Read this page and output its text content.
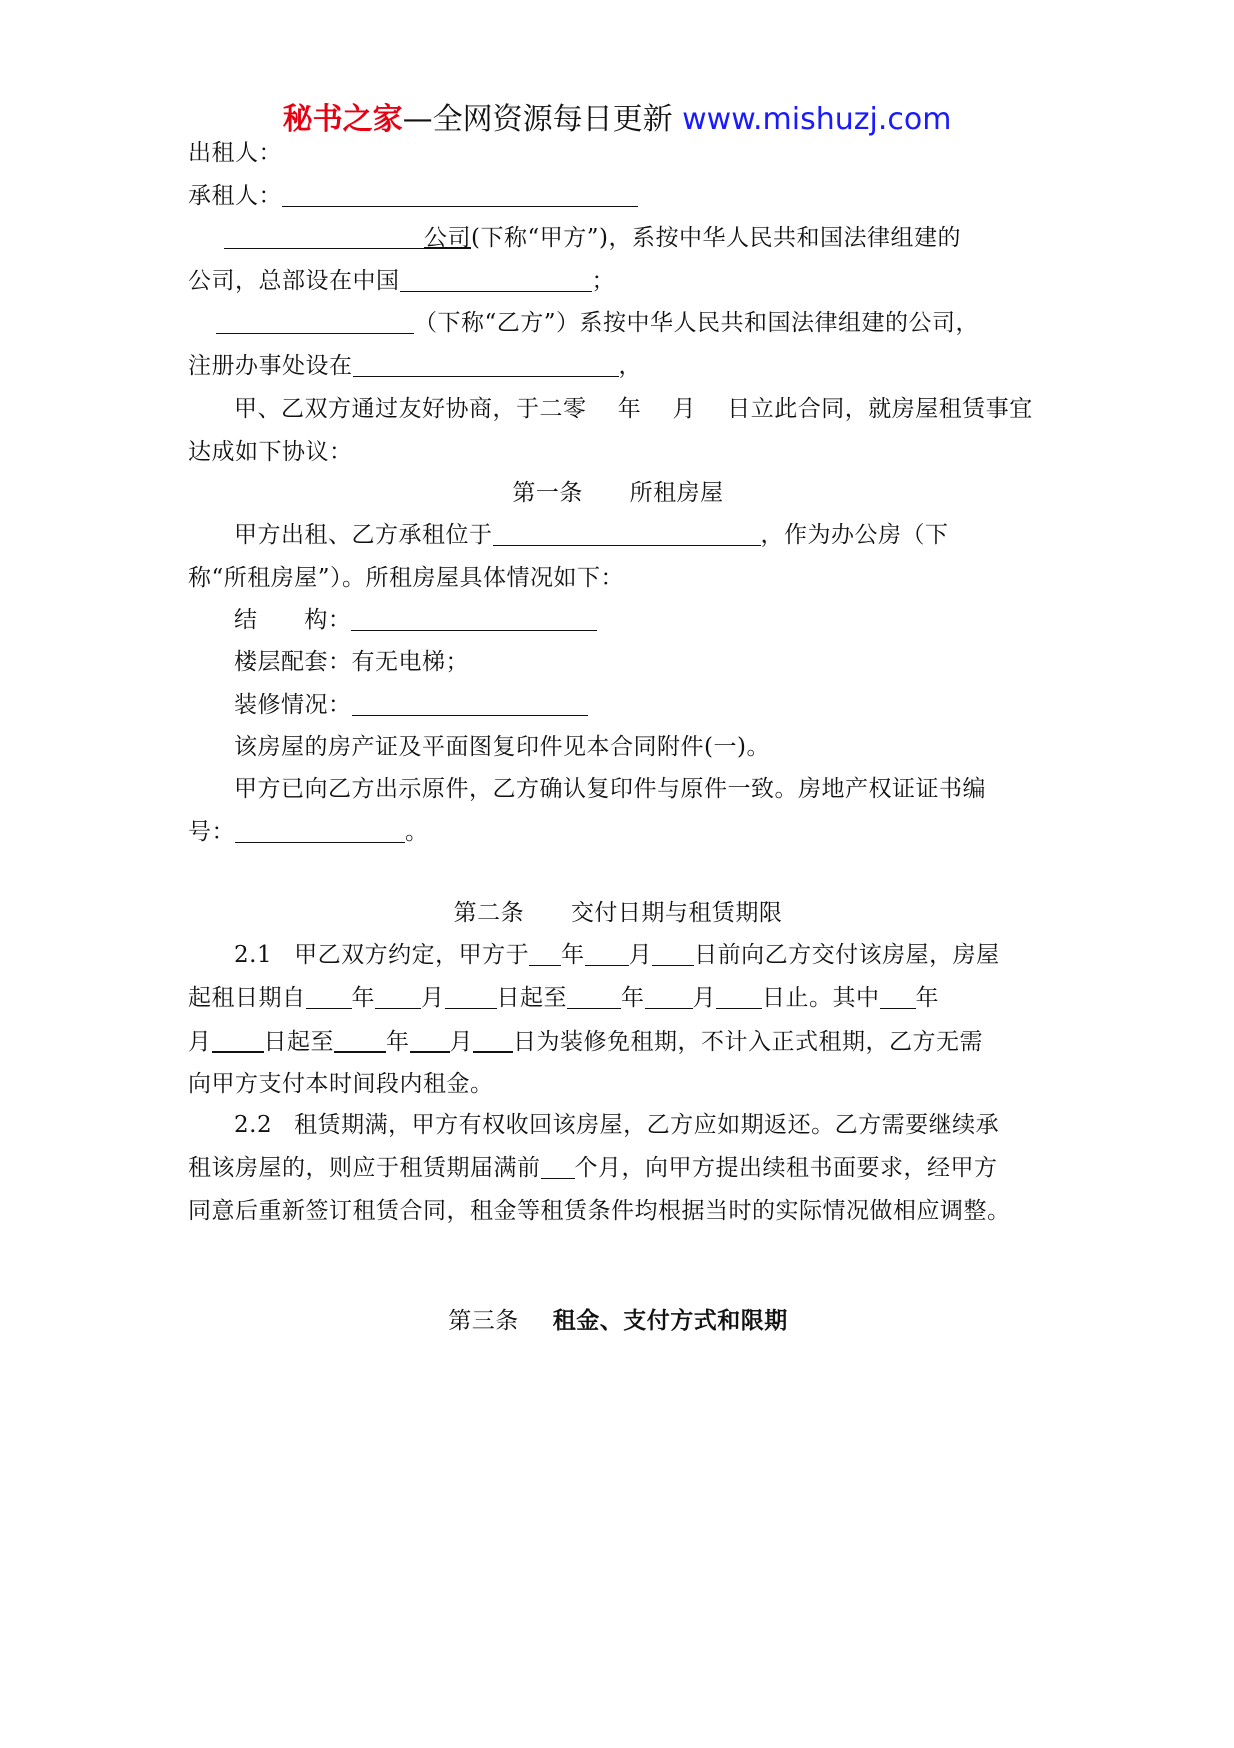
秘书之家—全网资源每日更新 www.mishuzj.com
出租人：
承租人：
公司(下称“甲方”)，系按中华人民共和国法律组建的
公司，总部设在中国	；
（下称“乙方”）系按中华人民共和国法律组建的公司，
注册办事处设在	，
甲、乙双方通过友好协商，于二零    年    月    日立此合同，就房屋租赁事宜
达成如下协议：
第一条      所租房屋
甲方出租、乙方承租位于	，作为办公房（下
称“所租房屋”）。所租房屋具体情况如下：
结      构：
楼层配套：有无电梯；
装修情况：
该房屋的房产证及平面图复印件见本合同附件(一)。
甲方已向乙方出示原件，乙方确认复印件与原件一致。房地产权证证书编
号：	。
第二条      交付日期与租赁期限
2.1 甲乙双方约定，甲方于 年 月 日前向乙方交付该房屋，房屋
起租日期自 年 月 日起至 年 月 日止。其中 年
月 日起至 年 月 日为装修免租期，不计入正式租期，乙方无需
向甲方支付本时间段内租金。
2.2 租赁期满，甲方有权收回该房屋，乙方应如期返还。乙方需要继续承
租该房屋的，则应于租赁期届满前 个月，向甲方提出续租书面要求，经甲方
同意后重新签订租赁合同，租金等租赁条件均根据当时的实际情况做相应调整。
第三条 租金、支付方式和限期
